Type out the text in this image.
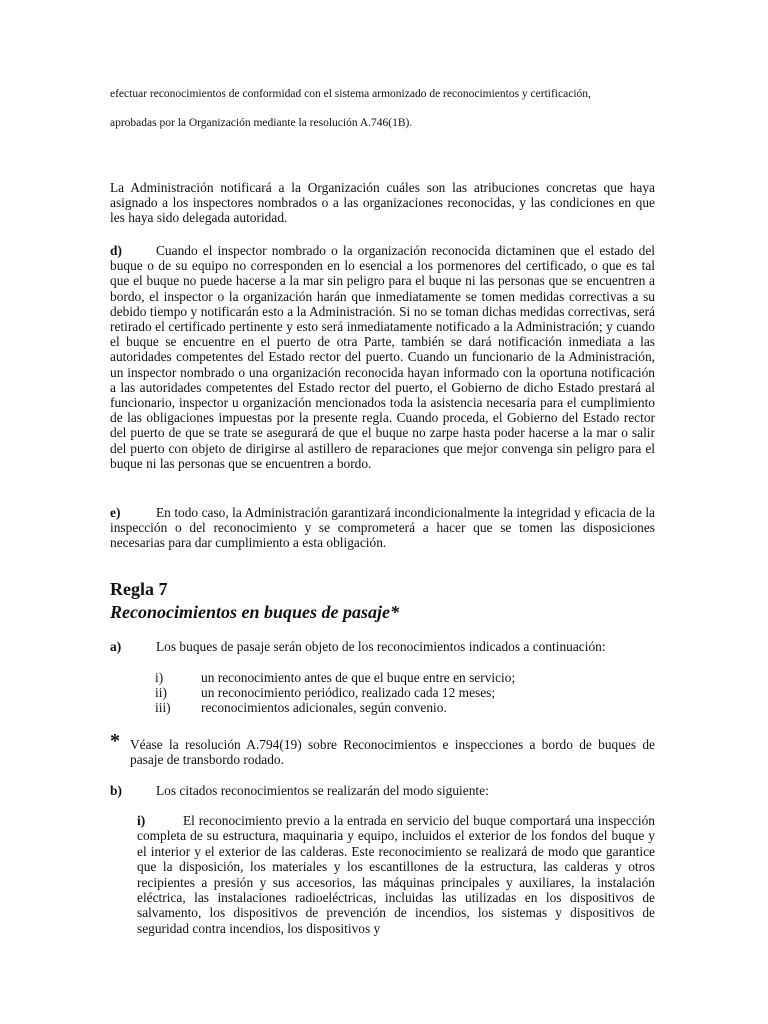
efectuar reconocimientos de conformidad con el sistema armonizado de reconocimientos y certificación,
aprobadas por la Organización mediante la resolución A.746(1B).
La Administración notificará a la Organización cuáles son las atribuciones concretas que haya asignado a los inspectores nombrados o a las organizaciones reconocidas, y las condiciones en que les haya sido delegada autoridad.
d)	Cuando el inspector nombrado o la organización reconocida dictaminen que el estado del buque o de su equipo no corresponden en lo esencial a los pormenores del certificado, o que es tal que el buque no puede hacerse a la mar sin peligro para el buque ni las personas que se encuentren a bordo, el inspector o la organización harán que inmediatamente se tomen medidas correctivas a su debido tiempo y notificarán esto a la Administración. Si no se toman dichas medidas correctivas, será retirado el certificado pertinente y esto será inmediatamente notificado a la Administración; y cuando el buque se encuentre en el puerto de otra Parte, también se dará notificación inmediata a las autoridades competentes del Estado rector del puerto. Cuando un funcionario de la Administración, un inspector nombrado o una organización reconocida hayan informado con la oportuna notificación a las autoridades competentes del Estado rector del puerto, el Gobierno de dicho Estado prestará al funcionario, inspector u organización mencionados toda la asistencia necesaria para el cumplimiento de las obligaciones impuestas por la presente regla. Cuando proceda, el Gobierno del Estado rector del puerto de que se trate se asegurará de que el buque no zarpe hasta poder hacerse a la mar o salir del puerto con objeto de dirigirse al astillero de reparaciones que mejor convenga sin peligro para el buque ni las personas que se encuentren a bordo.
e)	En todo caso, la Administración garantizará incondicionalmente la integridad y eficacia de la inspección o del reconocimiento y se comprometerá a hacer que se tomen las disposiciones necesarias para dar cumplimiento a esta obligación.
Regla 7
Reconocimientos en buques de pasaje*
a)	Los buques de pasaje serán objeto de los reconocimientos indicados a continuación:
i)	un reconocimiento antes de que el buque entre en servicio;
ii)	un reconocimiento periódico, realizado cada 12 meses;
iii)	reconocimientos adicionales, según convenio.
* Véase la resolución A.794(19) sobre Reconocimientos e inspecciones a bordo de buques de pasaje de transbordo rodado.
b)	Los citados reconocimientos se realizarán del modo siguiente:
i)	El reconocimiento previo a la entrada en servicio del buque comportará una inspección completa de su estructura, maquinaria y equipo, incluidos el exterior de los fondos del buque y el interior y el exterior de las calderas. Este reconocimiento se realizará de modo que garantice que la disposición, los materiales y los escantillones de la estructura, las calderas y otros recipientes a presión y sus accesorios, las máquinas principales y auxiliares, la instalación eléctrica, las instalaciones radioeléctricas, incluidas las utilizadas en los dispositivos de salvamento, los dispositivos de prevención de incendios, los sistemas y dispositivos de seguridad contra incendios, los dispositivos y
